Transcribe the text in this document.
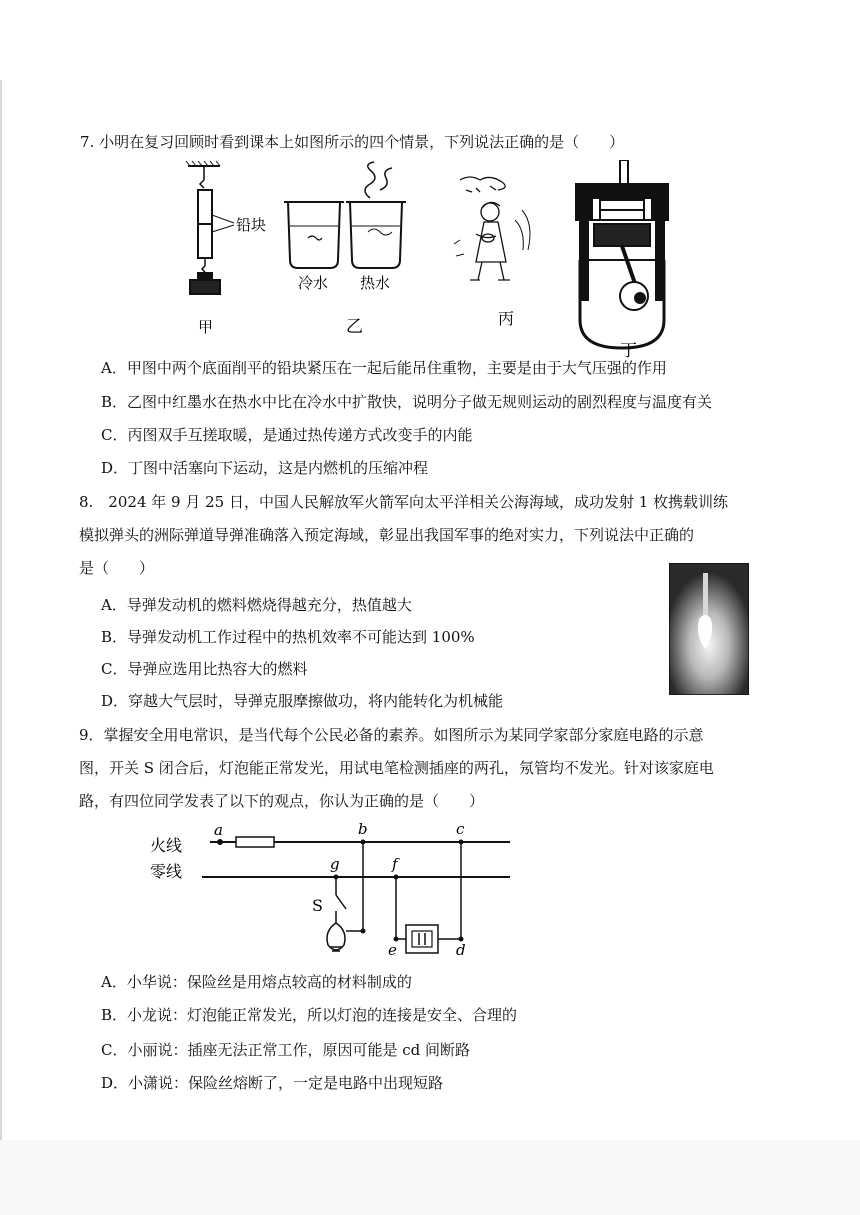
7. 小明在复习回顾时看到课本上如图所示的四个情景，下列说法正确的是（　　）
铅块
甲
冷水 热水
乙	丙
丁
A．甲图中两个底面削平的铅块紧压在一起后能吊住重物，主要是由于大气压强的作用
B．乙图中红墨水在热水中比在冷水中扩散快，说明分子做无规则运动的剧烈程度与温度有关
C．丙图双手互搓取暖，是通过热传递方式改变手的内能
D．丁图中活塞向下运动，这是内燃机的压缩冲程
8.　2024 年 9 月 25 日，中国人民解放军火箭军向太平洋相关公海海域，成功发射 1 枚携载训练
模拟弹头的洲际弹道导弹准确落入预定海域，彰显出我国军事的绝对实力，下列说法中正确的
是（　　）
A．导弹发动机的燃料燃烧得越充分，热值越大
B．导弹发动机工作过程中的热机效率不可能达到 100%
C．导弹应选用比热容大的燃料
D．穿越大气层时，导弹克服摩擦做功，将内能转化为机械能
9．掌握安全用电常识，是当代每个公民必备的素养。如图所示为某同学家部分家庭电路的示意
图，开关 S 闭合后，灯泡能正常发光，用试电笔检测插座的两孔，氖管均不发光。针对该家庭电
路，有四位同学发表了以下的观点，你认为正确的是（　　）
火线
零线
a	b	c
g	f
e	d
S
A．小华说：保险丝是用熔点较高的材料制成的
B．小龙说：灯泡能正常发光，所以灯泡的连接是安全、合理的
C．小丽说：插座无法正常工作，原因可能是 cd 间断路
D．小潇说：保险丝熔断了，一定是电路中出现短路
